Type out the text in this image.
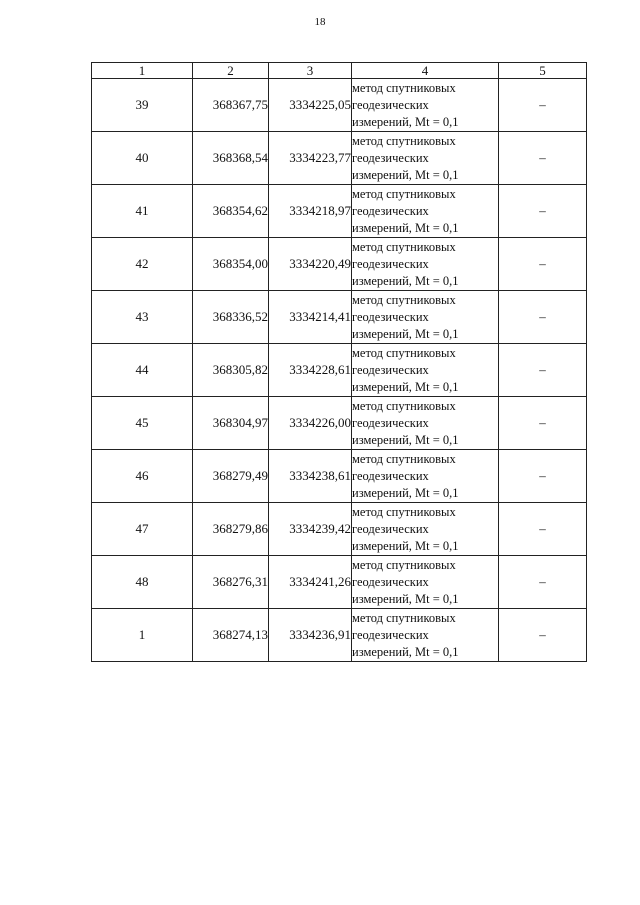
18
1	2	3	4	5
39	368367,75	3334225,05	метод спутниковых
геодезических
измерений, Mt = 0,1	–
40	368368,54	3334223,77	метод спутниковых
геодезических
измерений, Mt = 0,1	–
41	368354,62	3334218,97	метод спутниковых
геодезических
измерений, Mt = 0,1	–
42	368354,00	3334220,49	метод спутниковых
геодезических
измерений, Mt = 0,1	–
43	368336,52	3334214,41	метод спутниковых
геодезических
измерений, Mt = 0,1	–
44	368305,82	3334228,61	метод спутниковых
геодезических
измерений, Mt = 0,1	–
45	368304,97	3334226,00	метод спутниковых
геодезических
измерений, Mt = 0,1	–
46	368279,49	3334238,61	метод спутниковых
геодезических
измерений, Mt = 0,1	–
47	368279,86	3334239,42	метод спутниковых
геодезических
измерений, Mt = 0,1	–
48	368276,31	3334241,26	метод спутниковых
геодезических
измерений, Mt = 0,1	–
1	368274,13	3334236,91	метод спутниковых
геодезических
измерений, Mt = 0,1	–
